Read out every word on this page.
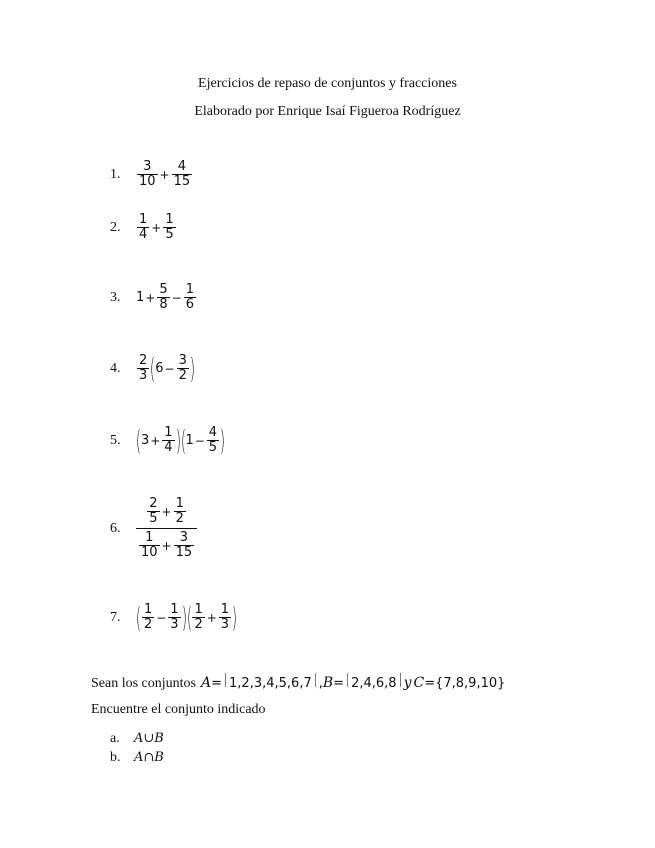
Ejercicios de repaso de conjuntos y fracciones
Elaborado por Enrique Isaí Figueroa Rodríguez
1.	$\frac{3}{10} + \frac{4}{15}$
2.	$\frac{1}{4} + \frac{1}{5}$
3.	$1 + \frac{5}{8} - \frac{1}{6}$
4.	$\frac{2}{3}$ ( $6 - \frac{3}{2}$ )
5. ( $3 + \frac{1}{4}$ ) ( $1 - \frac{4}{5}$ )
6.	$\frac{\frac{2}{5} + \frac{1}{2}}{\frac{1}{10} + \frac{3}{15}}$
7. ( $\frac{1}{2} - \frac{1}{3}$ ) ( $\frac{1}{2} + \frac{1}{3}$ )
Sean los conjuntos A = 1,2,3,4,5,6,7 , B = 2,4,6,8 y C = {7,8,9,10}
Encuentre el conjunto indicado
a.	A∪B
b. A∩B
